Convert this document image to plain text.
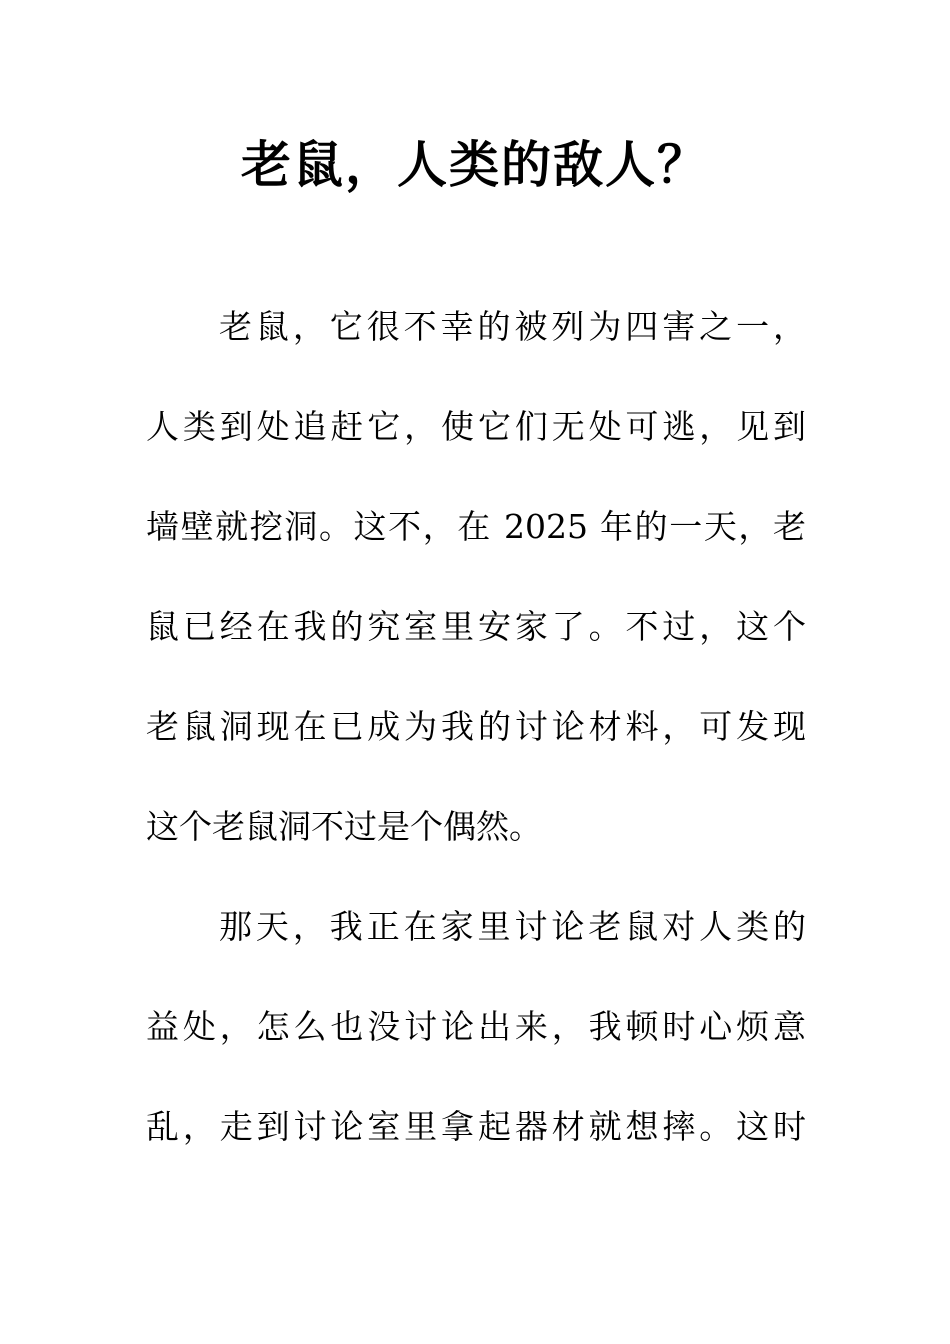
老鼠，人类的敌人？
老鼠，它很不幸的被列为四害之一，
人类到处追赶它，使它们无处可逃，见到
墙壁就挖洞。这不，在 2025 年的一天，老
鼠已经在我的究室里安家了。不过，这个
老鼠洞现在已成为我的讨论材料，可发现
这个老鼠洞不过是个偶然。
那天，我正在家里讨论老鼠对人类的
益处，怎么也没讨论出来，我顿时心烦意
乱，走到讨论室里拿起器材就想摔。这时
